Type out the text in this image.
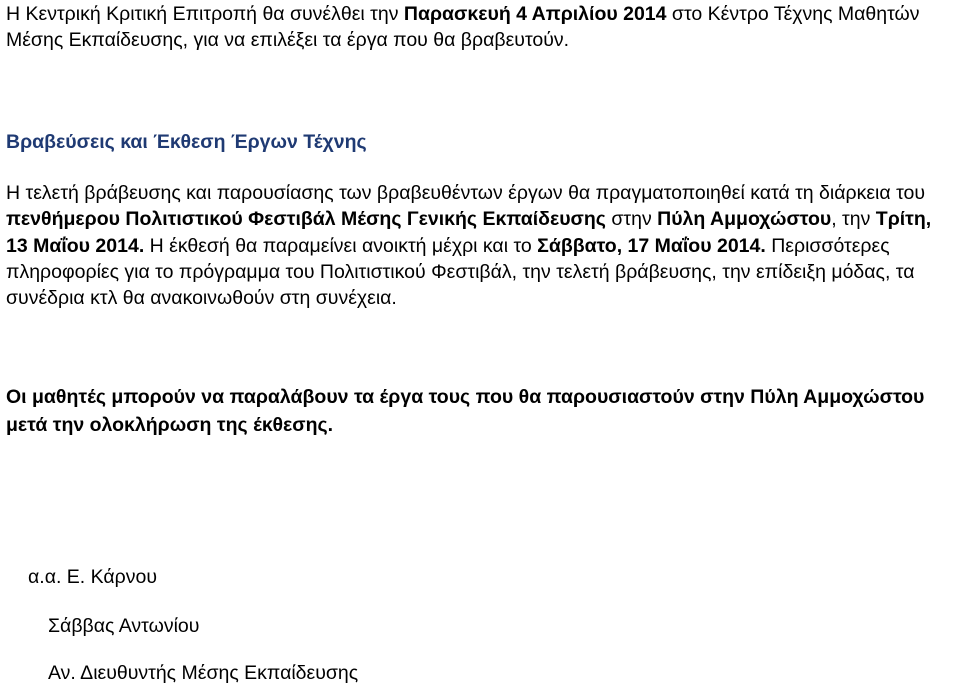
Η Κεντρική Κριτική Επιτροπή θα συνέλθει την Παρασκευή 4 Απριλίου 2014 στο Κέντρο Τέχνης Μαθητών Μέσης Εκπαίδευσης, για να επιλέξει τα έργα που θα βραβευτούν.

Βραβεύσεις και Έκθεση Έργων Τέχνης

Η τελετή βράβευσης και παρουσίασης των βραβευθέντων έργων θα πραγματοποιηθεί κατά τη διάρκεια του πενθήμερου Πολιτιστικού Φεστιβάλ Μέσης Γενικής Εκπαίδευσης στην Πύλη Αμμοχώστου, την Τρίτη, 13 Μαΐου 2014. Η έκθεσή θα παραμείνει ανοικτή μέχρι και το Σάββατο, 17 Μαΐου 2014. Περισσότερες πληροφορίες για το πρόγραμμα του Πολιτιστικού Φεστιβάλ, την τελετή βράβευσης, την επίδειξη μόδας, τα συνέδρια κτλ θα ανακοινωθούν στη συνέχεια.

Οι μαθητές μπορούν να παραλάβουν τα έργα τους που θα παρουσιαστούν στην Πύλη Αμμοχώστου μετά την ολοκλήρωση της έκθεσης.

α.α. Ε. Κάρνου

Σάββας Αντωνίου

Αν. Διευθυντής Μέσης Εκπαίδευσης
